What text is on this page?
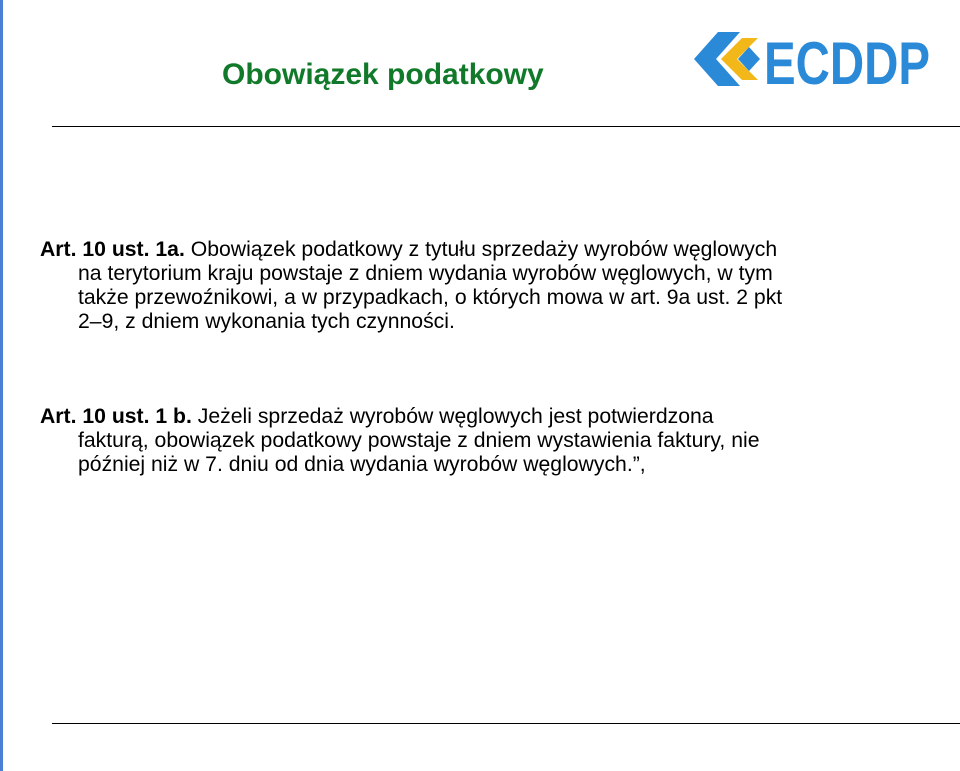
Obowiązek podatkowy	ECDDP
Art. 10 ust. 1a. Obowiązek podatkowy z tytułu sprzedaży wyrobów węglowych
na terytorium kraju powstaje z dniem wydania wyrobów węglowych, w tym
także przewoźnikowi, a w przypadkach, o których mowa w art. 9a ust. 2 pkt
2–9, z dniem wykonania tych czynności.
Art. 10 ust. 1 b. Jeżeli sprzedaż wyrobów węglowych jest potwierdzona
fakturą, obowiązek podatkowy powstaje z dniem wystawienia faktury, nie
później niż w 7. dniu od dnia wydania wyrobów węglowych.”,
